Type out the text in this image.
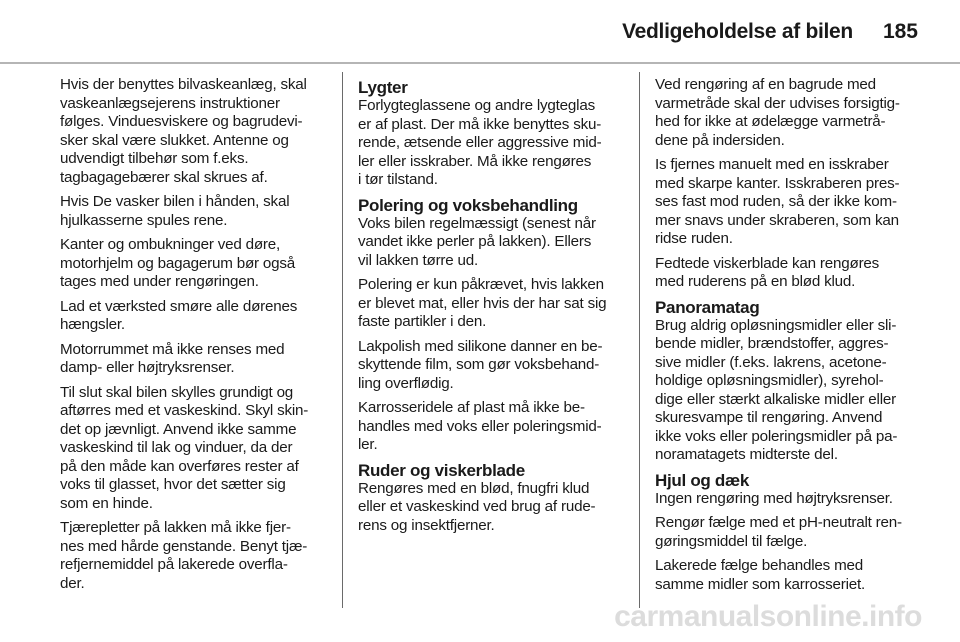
Vedligeholdelse af bilen 185
Hvis der benyttes bilvaskeanlæg, skal
vaskeanlægsejerens instruktioner
følges. Vinduesviskere og bagrudevi-
sker skal være slukket. Antenne og
udvendigt tilbehør som f.eks.
tagbagagebærer skal skrues af.
Hvis De vasker bilen i hånden, skal
hjulkasserne spules rene.
Kanter og ombukninger ved døre,
motorhjelm og bagagerum bør også
tages med under rengøringen.
Lad et værksted smøre alle dørenes
hængsler.
Motorrummet må ikke renses med
damp- eller højtryksrenser.
Til slut skal bilen skylles grundigt og
aftørres med et vaskeskind. Skyl skin-
det op jævnligt. Anvend ikke samme
vaskeskind til lak og vinduer, da der
på den måde kan overføres rester af
voks til glasset, hvor det sætter sig
som en hinde.
Tjærepletter på lakken må ikke fjer-
nes med hårde genstande. Benyt tjæ-
refjernemiddel på lakerede overfla-
der.
Lygter
Forlygteglassene og andre lygteglas
er af plast. Der må ikke benyttes sku-
rende, ætsende eller aggressive mid-
ler eller isskraber. Må ikke rengøres
i tør tilstand.
Polering og voksbehandling
Voks bilen regelmæssigt (senest når
vandet ikke perler på lakken). Ellers
vil lakken tørre ud.
Polering er kun påkrævet, hvis lakken
er blevet mat, eller hvis der har sat sig
faste partikler i den.
Lakpolish med silikone danner en be-
skyttende film, som gør voksbehand-
ling overflødig.
Karrosseridele af plast må ikke be-
handles med voks eller poleringsmid-
ler.
Ruder og viskerblade
Rengøres med en blød, fnugfri klud
eller et vaskeskind ved brug af rude-
rens og insektfjerner.
Ved rengøring af en bagrude med
varmetråde skal der udvises forsigtig-
hed for ikke at ødelægge varmetrå-
dene på indersiden.
Is fjernes manuelt med en isskraber
med skarpe kanter. Isskraberen pres-
ses fast mod ruden, så der ikke kom-
mer snavs under skraberen, som kan
ridse ruden.
Fedtede viskerblade kan rengøres
med ruderens på en blød klud.
Panoramatag
Brug aldrig opløsningsmidler eller sli-
bende midler, brændstoffer, aggres-
sive midler (f.eks. lakrens, acetone-
holdige opløsningsmidler), syrehol-
dige eller stærkt alkaliske midler eller
skuresvampe til rengøring. Anvend
ikke voks eller poleringsmidler på pa-
noramatagets midterste del.
Hjul og dæk
Ingen rengøring med højtryksrenser.
Rengør fælge med et pH-neutralt ren-
gøringsmiddel til fælge.
Lakerede fælge behandles med
samme midler som karrosseriet.
carmanualsonline.info
